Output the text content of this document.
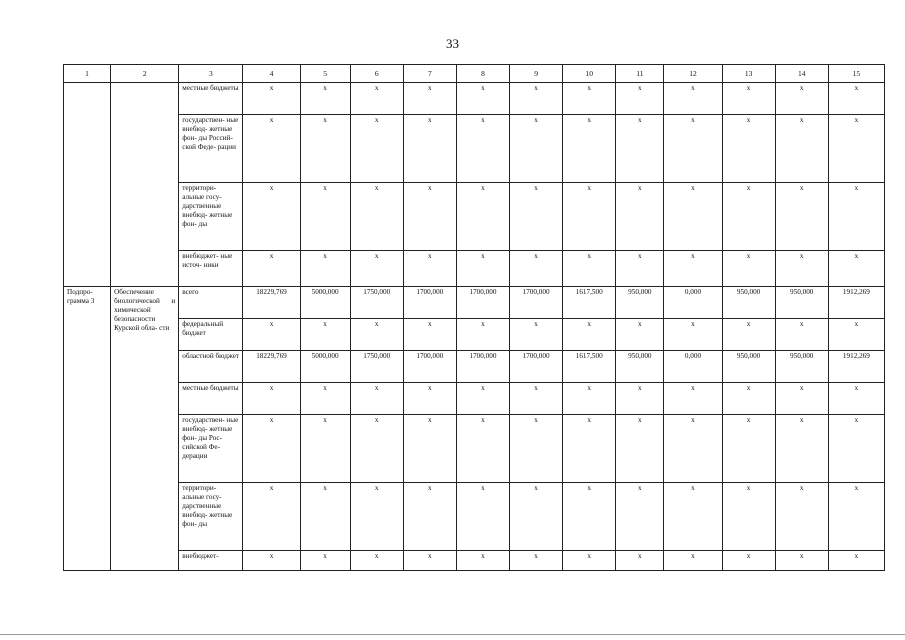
33
1	2	3	4	5	6	7	8	9	10	11	12	13	14	15
		местные бюджеты	х	х	х	х	х	х	х	х	х	х	х	х
		государствен- ные внебюд- жетные фон- ды Россий- ской Феде- рации	х	х	х	х	х	х	х	х	х	х	х	х
		территори- альные госу- дарственные внебюд- жетные фон- ды	х	х	х	х	х	х	х	х	х	х	х	х
		внебюджет- ные источ- ники	х	х	х	х	х	х	х	х	х	х	х	х
Подпро- грамма 3	Обеспечение биологической и химической безопасности Курской обла- сти	всего	18229,769	5000,000	1750,000	1700,000	1700,000	1700,000	1617,500	950,000	0,000	950,000	950,000	1912,269
		федеральный бюджет	х	х	х	х	х	х	х	х	х	х	х	х
		областной бюджет	18229,769	5000,000	1750,000	1700,000	1700,000	1700,000	1617,500	950,000	0,000	950,000	950,000	1912,269
		местные бюджеты	х	х	х	х	х	х	х	х	х	х	х	х
		государствен- ные внебюд- жетные фон- ды Рос- сийской Фе- дерации	х	х	х	х	х	х	х	х	х	х	х	х
		территори- альные госу- дарственные внебюд- жетные фон- ды	х	х	х	х	х	х	х	х	х	х	х	х
		внебюджет-	х	х	х	х	х	х	х	х	х	х	х	х
